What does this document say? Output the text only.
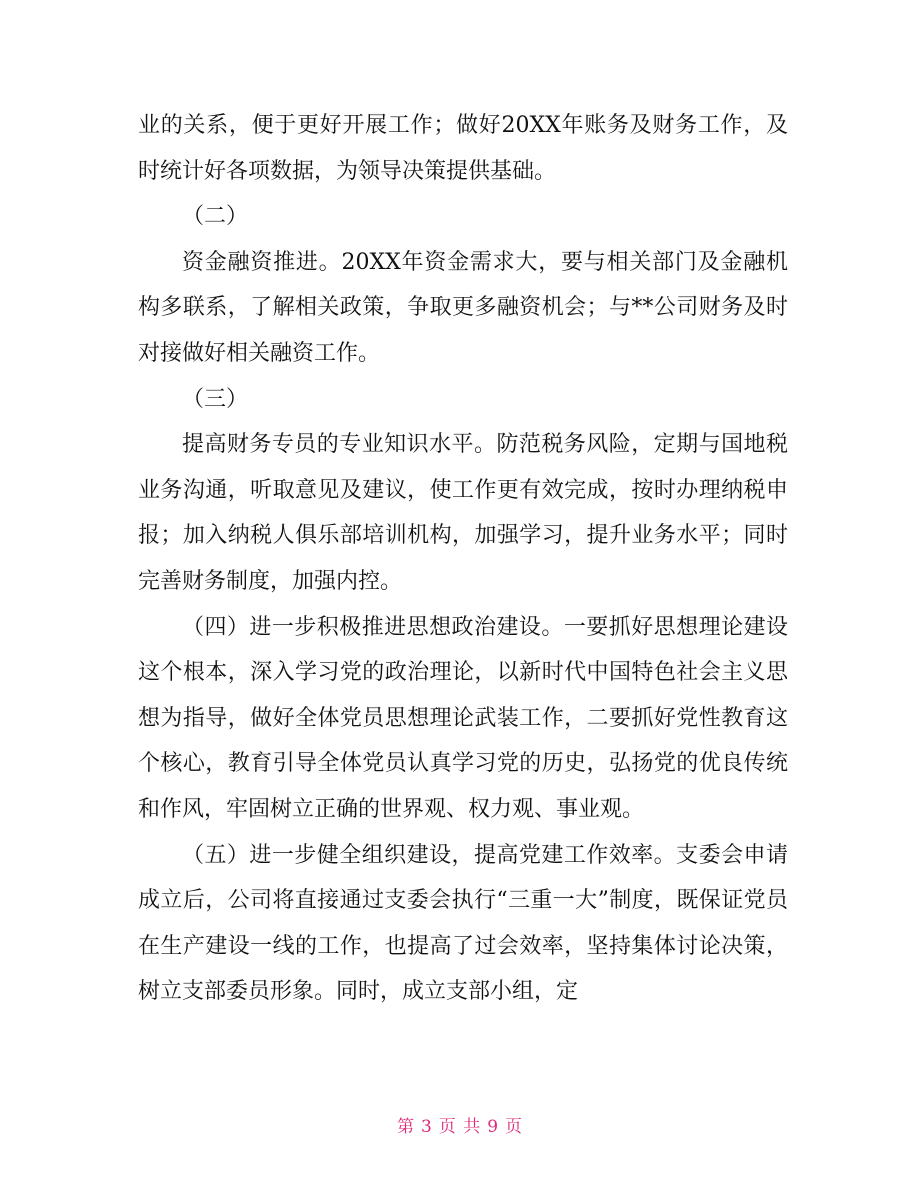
业的关系，便于更好开展工作；做好20XX年账务及财务工作，及时统计好各项数据，为领导决策提供基础。

（二）

资金融资推进。20XX年资金需求大，要与相关部门及金融机构多联系，了解相关政策，争取更多融资机会；与**公司财务及时对接做好相关融资工作。

（三）

提高财务专员的专业知识水平。防范税务风险，定期与国地税业务沟通，听取意见及建议，使工作更有效完成，按时办理纳税申报；加入纳税人俱乐部培训机构，加强学习，提升业务水平；同时完善财务制度，加强内控。

（四）进一步积极推进思想政治建设。一要抓好思想理论建设这个根本，深入学习党的政治理论，以新时代中国特色社会主义思想为指导，做好全体党员思想理论武装工作，二要抓好党性教育这个核心，教育引导全体党员认真学习党的历史，弘扬党的优良传统和作风，牢固树立正确的世界观、权力观、事业观。

（五）进一步健全组织建设，提高党建工作效率。支委会申请成立后，公司将直接通过支委会执行“三重一大”制度，既保证党员在生产建设一线的工作，也提高了过会效率，坚持集体讨论决策，树立支部委员形象。同时，成立支部小组，定

第 3 页 共 9 页
